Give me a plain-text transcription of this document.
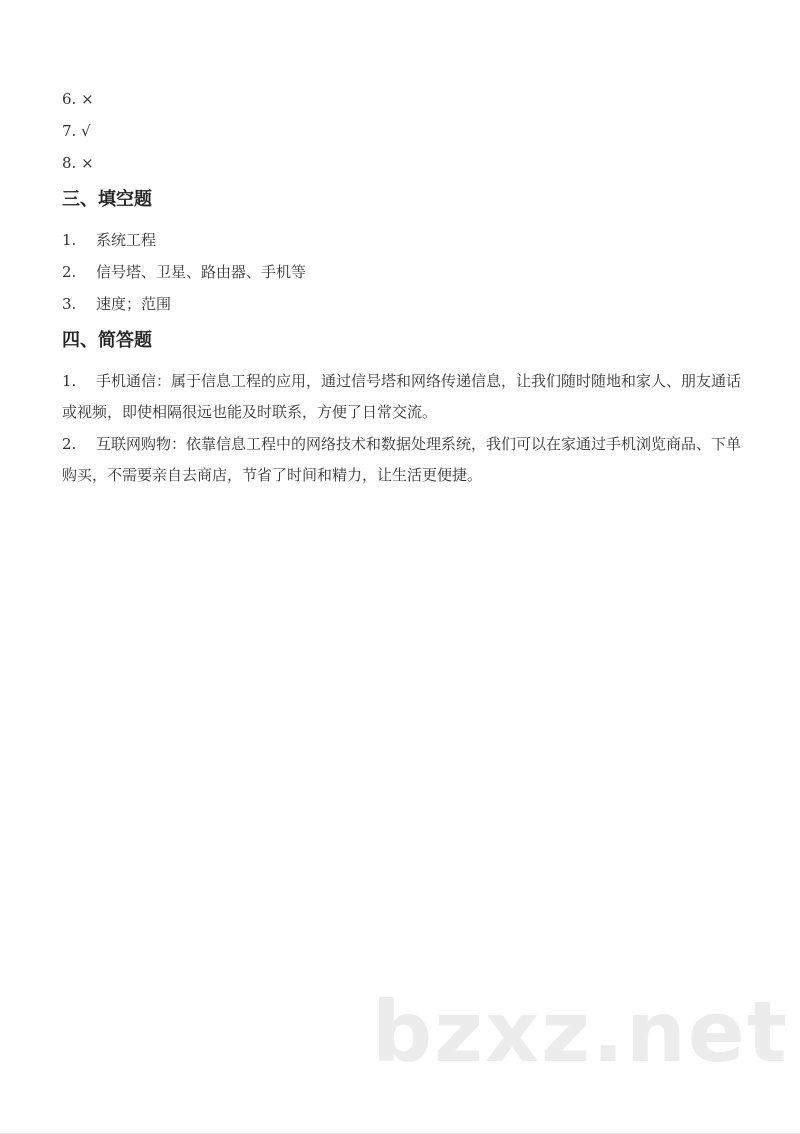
6. ×
7. √
8. ×
三、填空题
1. 系统工程
2. 信号塔、卫星、路由器、手机等
3. 速度；范围
四、简答题
1. 手机通信：属于信息工程的应用，通过信号塔和网络传递信息，让我们随时随地和家人、朋友通话或视频，即使相隔很远也能及时联系，方便了日常交流。
2. 互联网购物：依靠信息工程中的网络技术和数据处理系统，我们可以在家通过手机浏览商品、下单购买，不需要亲自去商店，节省了时间和精力，让生活更便捷。
bzxz.net
